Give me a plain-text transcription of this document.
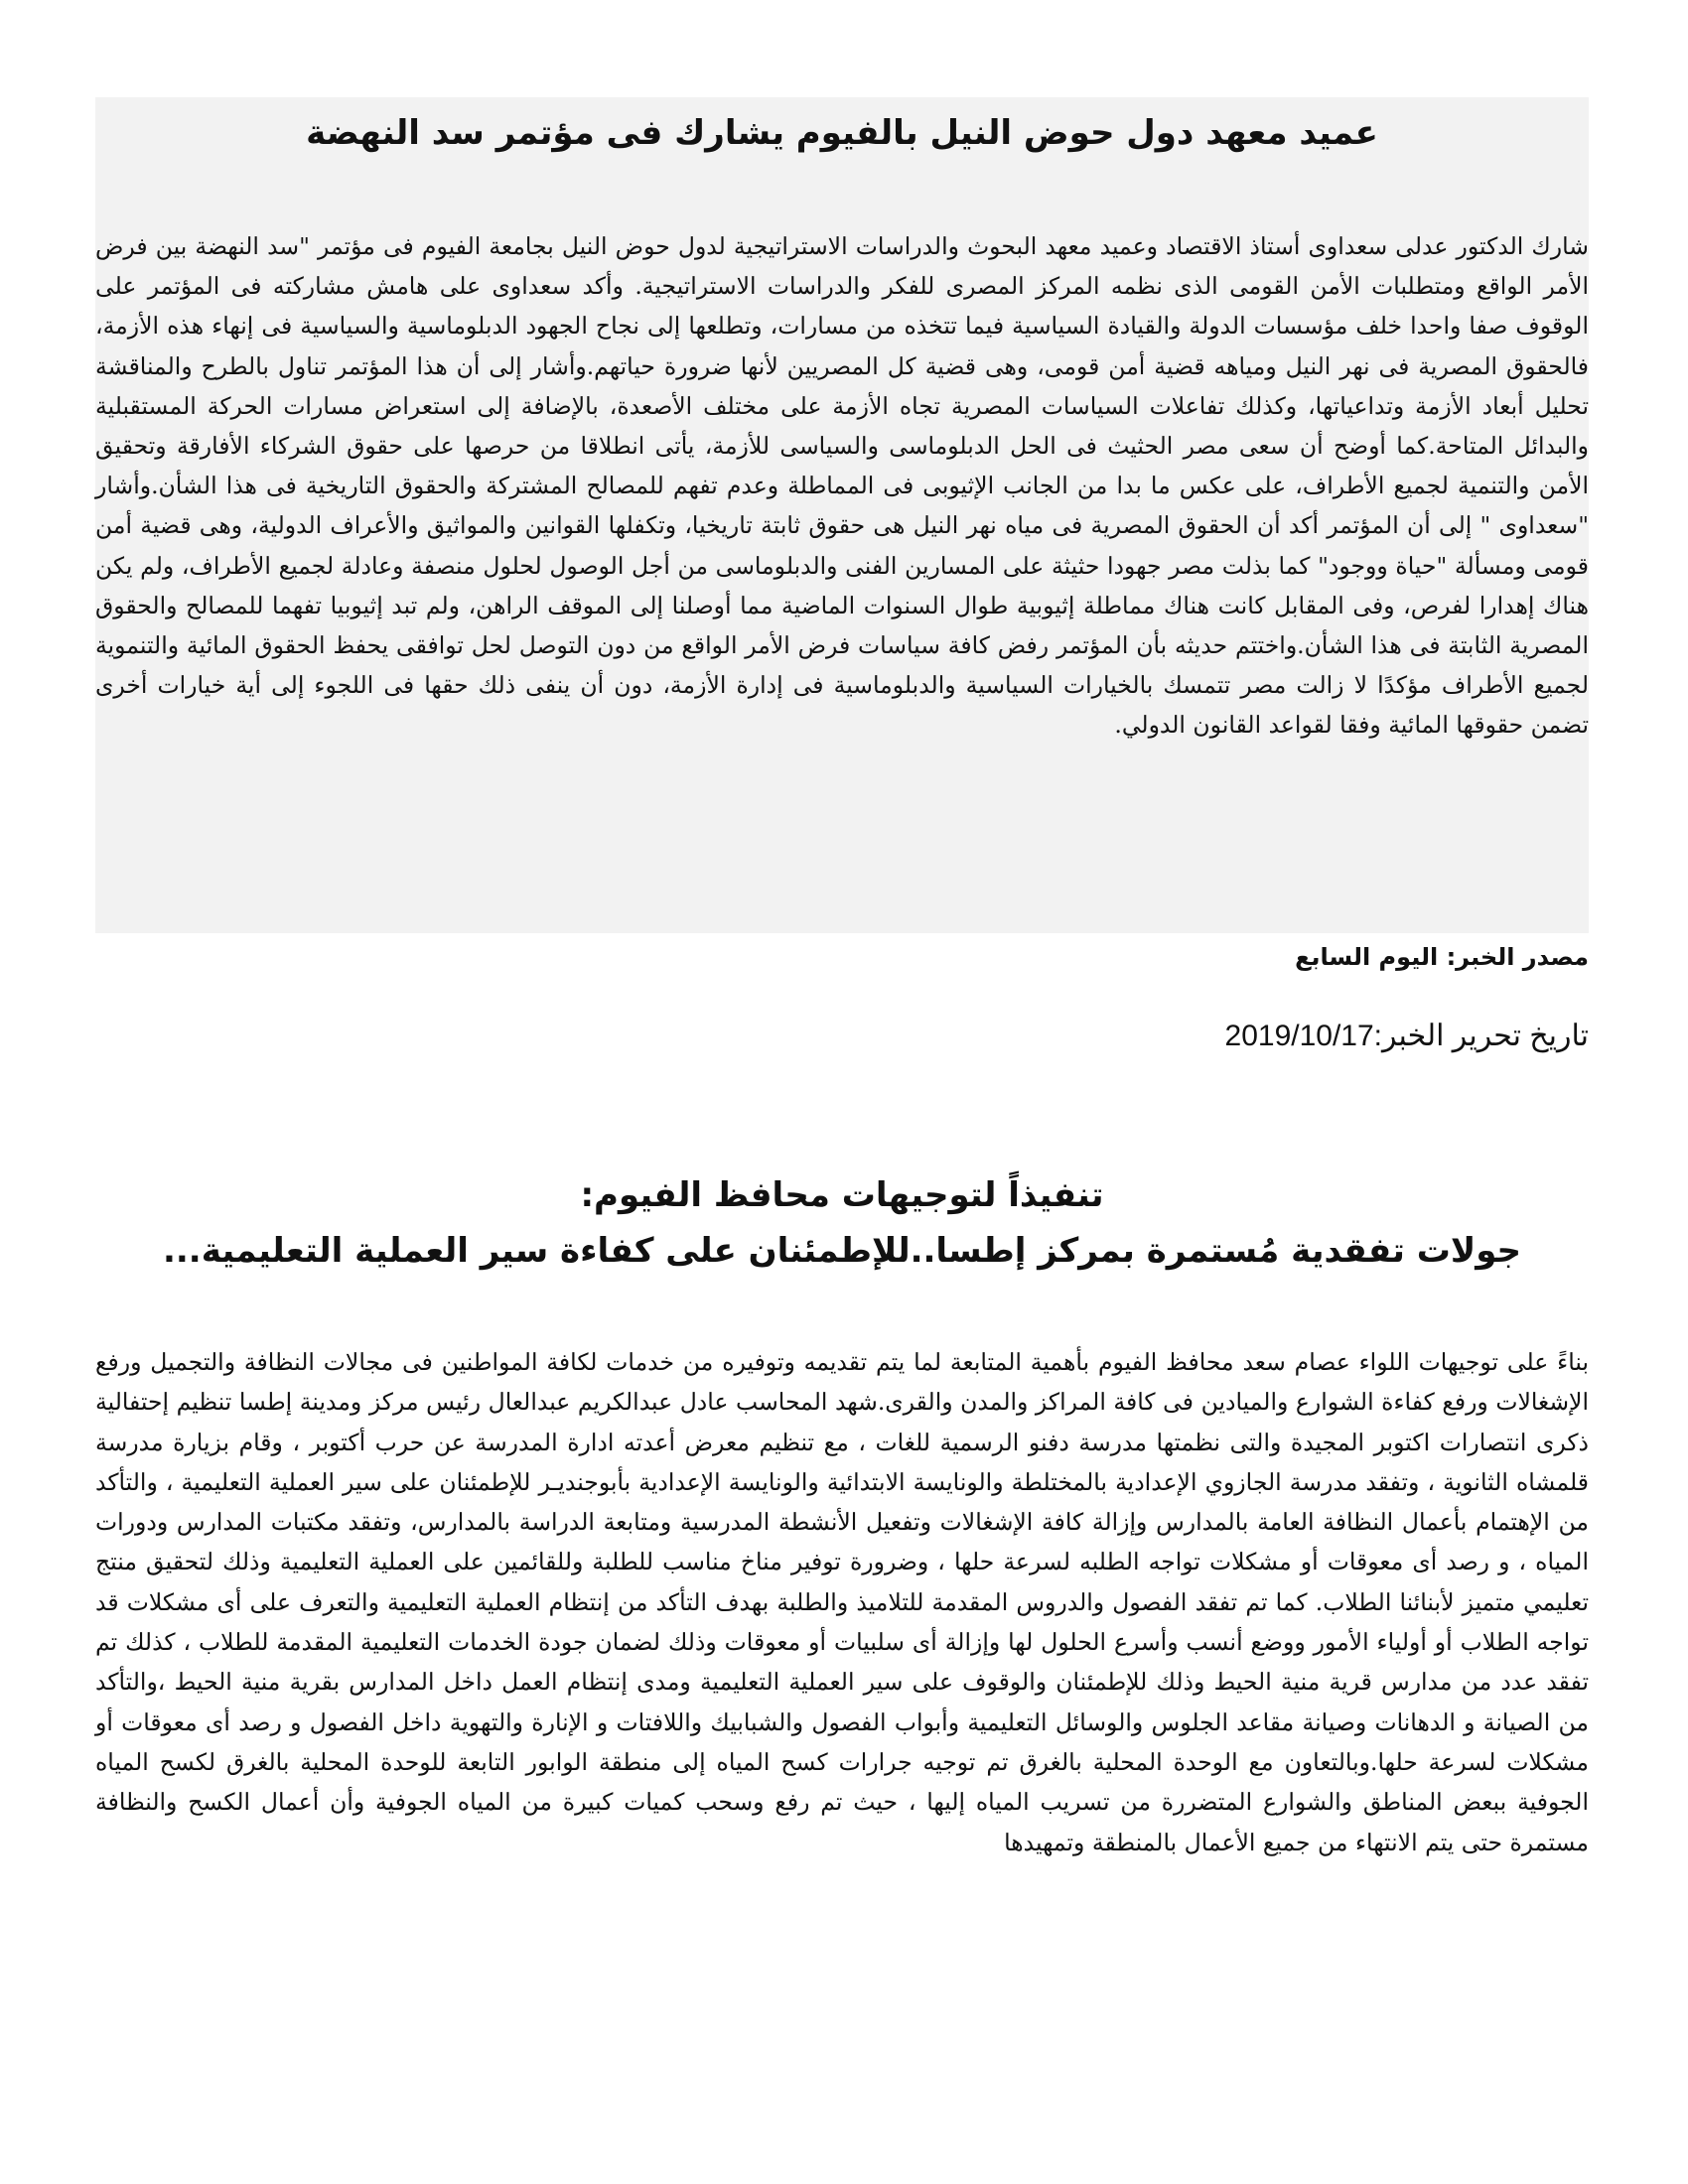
عميد معهد دول حوض النيل بالفيوم يشارك فى مؤتمر سد النهضة

شارك الدكتور عدلى سعداوى أستاذ الاقتصاد وعميد معهد البحوث والدراسات الاستراتيجية لدول حوض النيل بجامعة الفيوم فى مؤتمر "سد النهضة بين فرض الأمر الواقع ومتطلبات الأمن القومى الذى نظمه المركز المصرى للفكر والدراسات الاستراتيجية. وأكد سعداوى على هامش مشاركته فى المؤتمر على الوقوف صفا واحدا خلف مؤسسات الدولة والقيادة السياسية فيما تتخذه من مسارات، وتطلعها إلى نجاح الجهود الدبلوماسية والسياسية فى إنهاء هذه الأزمة، فالحقوق المصرية فى نهر النيل ومياهه قضية أمن قومى، وهى قضية كل المصريين لأنها ضرورة حياتهم.وأشار إلى أن هذا المؤتمر تناول بالطرح والمناقشة تحليل أبعاد الأزمة وتداعياتها، وكذلك تفاعلات السياسات المصرية تجاه الأزمة على مختلف الأصعدة، بالإضافة إلى استعراض مسارات الحركة المستقبلية والبدائل المتاحة.كما أوضح أن سعى مصر الحثيث فى الحل الدبلوماسى والسياسى للأزمة، يأتى انطلاقا من حرصها على حقوق الشركاء الأفارقة وتحقيق الأمن والتنمية لجميع الأطراف، على عكس ما بدا من الجانب الإثيوبى فى المماطلة وعدم تفهم للمصالح المشتركة والحقوق التاريخية فى هذا الشأن.وأشار "سعداوى " إلى أن المؤتمر أكد أن الحقوق المصرية فى مياه نهر النيل هى حقوق ثابتة تاريخيا، وتكفلها القوانين والمواثيق والأعراف الدولية، وهى قضية أمن قومى ومسألة "حياة ووجود" كما بذلت مصر جهودا حثيثة على المسارين الفنى والدبلوماسى من أجل الوصول لحلول منصفة وعادلة لجميع الأطراف، ولم يكن هناك إهدارا لفرص، وفى المقابل كانت هناك مماطلة إثيوبية طوال السنوات الماضية مما أوصلنا إلى الموقف الراهن، ولم تبد إثيوبيا تفهما للمصالح والحقوق المصرية الثابتة فى هذا الشأن.واختتم حديثه بأن المؤتمر رفض كافة سياسات فرض الأمر الواقع من دون التوصل لحل توافقى يحفظ الحقوق المائية والتنموية لجميع الأطراف مؤكدًا لا زالت مصر تتمسك بالخيارات السياسية والدبلوماسية فى إدارة الأزمة، دون أن ينفى ذلك حقها فى اللجوء إلى أية خيارات أخرى تضمن حقوقها المائية وفقا لقواعد القانون الدولي.

مصدر الخبر: اليوم السابع

تاريخ تحرير الخبر:2019/10/17

تنفيذاً لتوجيهات محافظ الفيوم:
جولات تفقدية مُستمرة بمركز إطسا..للإطمئنان على كفاءة سير العملية التعليمية...

بناءً على توجيهات اللواء عصام سعد محافظ الفيوم بأهمية المتابعة لما يتم تقديمه وتوفيره من خدمات لكافة المواطنين فى مجالات النظافة والتجميل ورفع الإشغالات ورفع كفاءة الشوارع والميادين فى كافة المراكز والمدن والقرى.شهد المحاسب عادل عبدالكريم عبدالعال رئيس مركز ومدينة إطسا تنظيم إحتفالية ذكرى انتصارات اكتوبر المجيدة والتى نظمتها مدرسة دفنو الرسمية للغات ، مع تنظيم معرض أعدته ادارة المدرسة عن حرب أكتوبر ، وقام بزيارة مدرسة قلمشاه الثانوية ، وتفقد مدرسة الجازوي الإعدادية بالمختلطة والونايسة الابتدائية والونايسة الإعدادية بأبوجنديـر للإطمئنان على سير العملية التعليمية ، والتأكد من الإهتمام بأعمال النظافة العامة بالمدارس وإزالة كافة الإشغالات وتفعيل الأنشطة المدرسية ومتابعة الدراسة بالمدارس، وتفقد مكتبات المدارس ودورات المياه ، و رصد أى معوقات أو مشكلات تواجه الطلبه لسرعة حلها ، وضرورة توفير مناخ مناسب للطلبة وللقائمين على العملية التعليمية وذلك لتحقيق منتج تعليمي متميز لأبنائنا الطلاب. كما تم تفقد الفصول والدروس المقدمة للتلاميذ والطلبة بهدف التأكد من إنتظام العملية التعليمية والتعرف على أى مشكلات قد تواجه الطلاب أو أولياء الأمور ووضع أنسب وأسرع الحلول لها وإزالة أى سلبيات أو معوقات وذلك لضمان جودة الخدمات التعليمية المقدمة للطلاب ، كذلك تم تفقد عدد من مدارس قرية منية الحيط وذلك للإطمئنان والوقوف على سير العملية التعليمية ومدى إنتظام العمل داخل المدارس بقرية منية الحيط ،والتأكد من الصيانة و الدهانات وصيانة مقاعد الجلوس والوسائل التعليمية وأبواب الفصول والشبابيك واللافتات و الإنارة والتهوية داخل الفصول و رصد أى معوقات أو مشكلات لسرعة حلها.وبالتعاون مع الوحدة المحلية بالغرق تم توجيه جرارات كسح المياه إلى منطقة الوابور التابعة للوحدة المحلية بالغرق لكسح المياه الجوفية ببعض المناطق والشوارع المتضررة من تسريب المياه إليها ، حيث تم رفع وسحب كميات كبيرة من المياه الجوفية وأن أعمال الكسح والنظافة مستمرة حتى يتم الانتهاء من جميع الأعمال بالمنطقة وتمهيدها
